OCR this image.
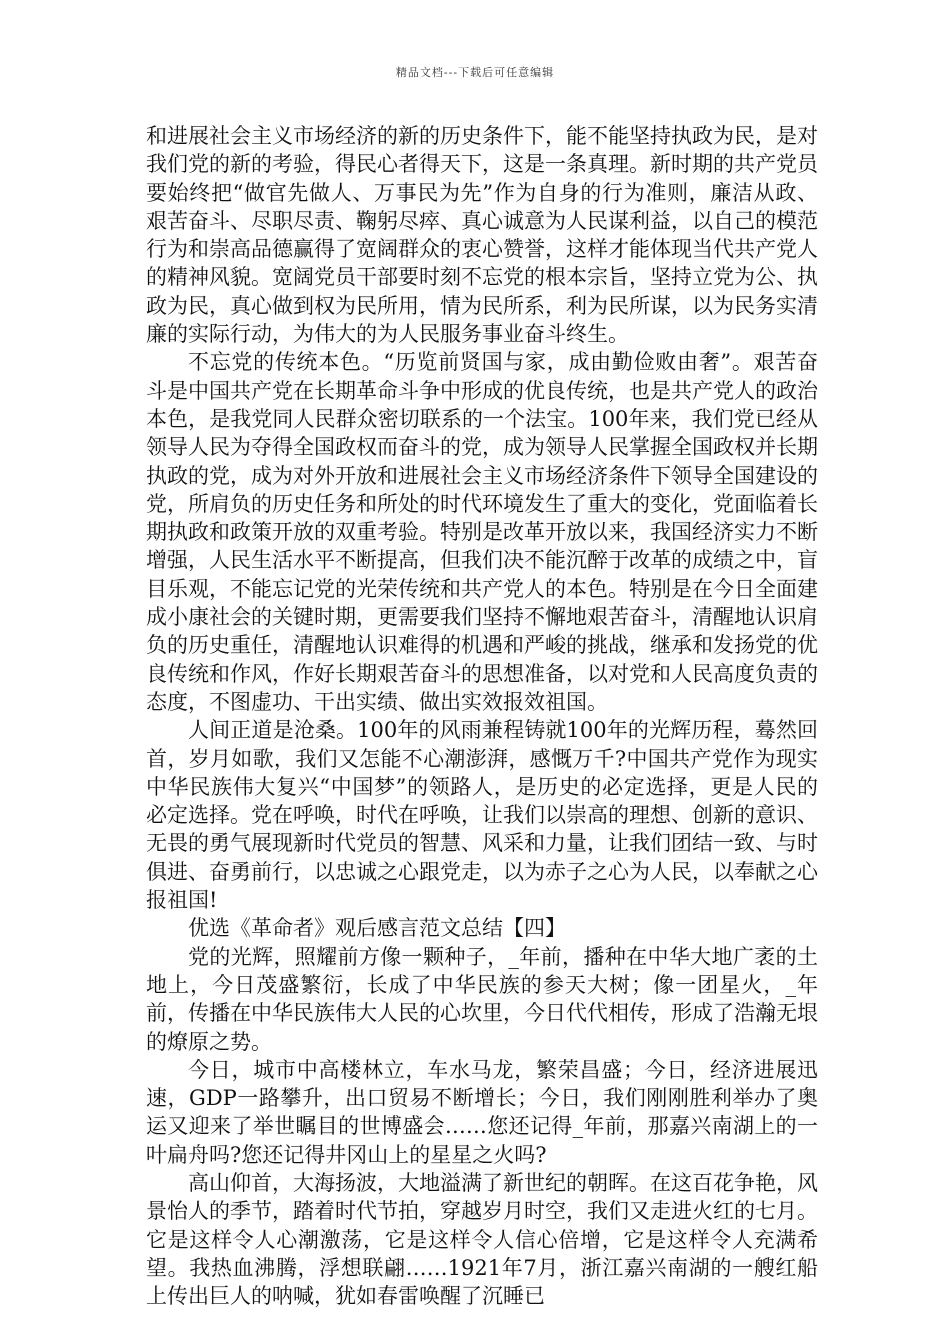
精品文档---下载后可任意编辑

和进展社会主义市场经济的新的历史条件下，能不能坚持执政为民，是对我们党的新的考验，得民心者得天下，这是一条真理。新时期的共产党员要始终把“做官先做人、万事民为先”作为自身的行为准则，廉洁从政、艰苦奋斗、尽职尽责、鞠躬尽瘁、真心诚意为人民谋利益，以自己的模范行为和崇高品德赢得了宽阔群众的衷心赞誉，这样才能体现当代共产党人的精神风貌。宽阔党员干部要时刻不忘党的根本宗旨，坚持立党为公、执政为民，真心做到权为民所用，情为民所系，利为民所谋，以为民务实清廉的实际行动，为伟大的为人民服务事业奋斗终生。

不忘党的传统本色。“历览前贤国与家，成由勤俭败由奢”。艰苦奋斗是中国共产党在长期革命斗争中形成的优良传统，也是共产党人的政治本色，是我党同人民群众密切联系的一个法宝。100年来，我们党已经从领导人民为夺得全国政权而奋斗的党，成为领导人民掌握全国政权并长期执政的党，成为对外开放和进展社会主义市场经济条件下领导全国建设的党，所肩负的历史任务和所处的时代环境发生了重大的变化，党面临着长期执政和政策开放的双重考验。特别是改革开放以来，我国经济实力不断增强，人民生活水平不断提高，但我们决不能沉醉于改革的成绩之中，盲目乐观，不能忘记党的光荣传统和共产党人的本色。特别是在今日全面建成小康社会的关键时期，更需要我们坚持不懈地艰苦奋斗，清醒地认识肩负的历史重任，清醒地认识难得的机遇和严峻的挑战，继承和发扬党的优良传统和作风，作好长期艰苦奋斗的思想准备，以对党和人民高度负责的态度，不图虚功、干出实绩、做出实效报效祖国。

人间正道是沧桑。100年的风雨兼程铸就100年的光辉历程，蓦然回首，岁月如歌，我们又怎能不心潮澎湃，感慨万千?中国共产党作为现实中华民族伟大复兴“中国梦”的领路人，是历史的必定选择，更是人民的必定选择。党在呼唤，时代在呼唤，让我们以崇高的理想、创新的意识、无畏的勇气展现新时代党员的智慧、风采和力量，让我们团结一致、与时俱进、奋勇前行，以忠诚之心跟党走，以为赤子之心为人民，以奉献之心报祖国!

优选《革命者》观后感言范文总结【四】

党的光辉，照耀前方像一颗种子，_年前，播种在中华大地广袤的土地上，今日茂盛繁衍，长成了中华民族的参天大树；像一团星火，_年前，传播在中华民族伟大人民的心坎里，今日代代相传，形成了浩瀚无垠的燎原之势。

今日，城市中高楼林立，车水马龙，繁荣昌盛；今日，经济进展迅速，GDP一路攀升，出口贸易不断增长；今日，我们刚刚胜利举办了奥运又迎来了举世瞩目的世博盛会……您还记得_年前，那嘉兴南湖上的一叶扁舟吗?您还记得井冈山上的星星之火吗?

高山仰首，大海扬波，大地溢满了新世纪的朝晖。在这百花争艳，风景怡人的季节，踏着时代节拍，穿越岁月时空，我们又走进火红的七月。它是这样令人心潮激荡，它是这样令人信心倍增，它是这样令人充满希望。我热血沸腾，浮想联翩……1921年7月，浙江嘉兴南湖的一艘红船上传出巨人的呐喊，犹如春雷唤醒了沉睡已
